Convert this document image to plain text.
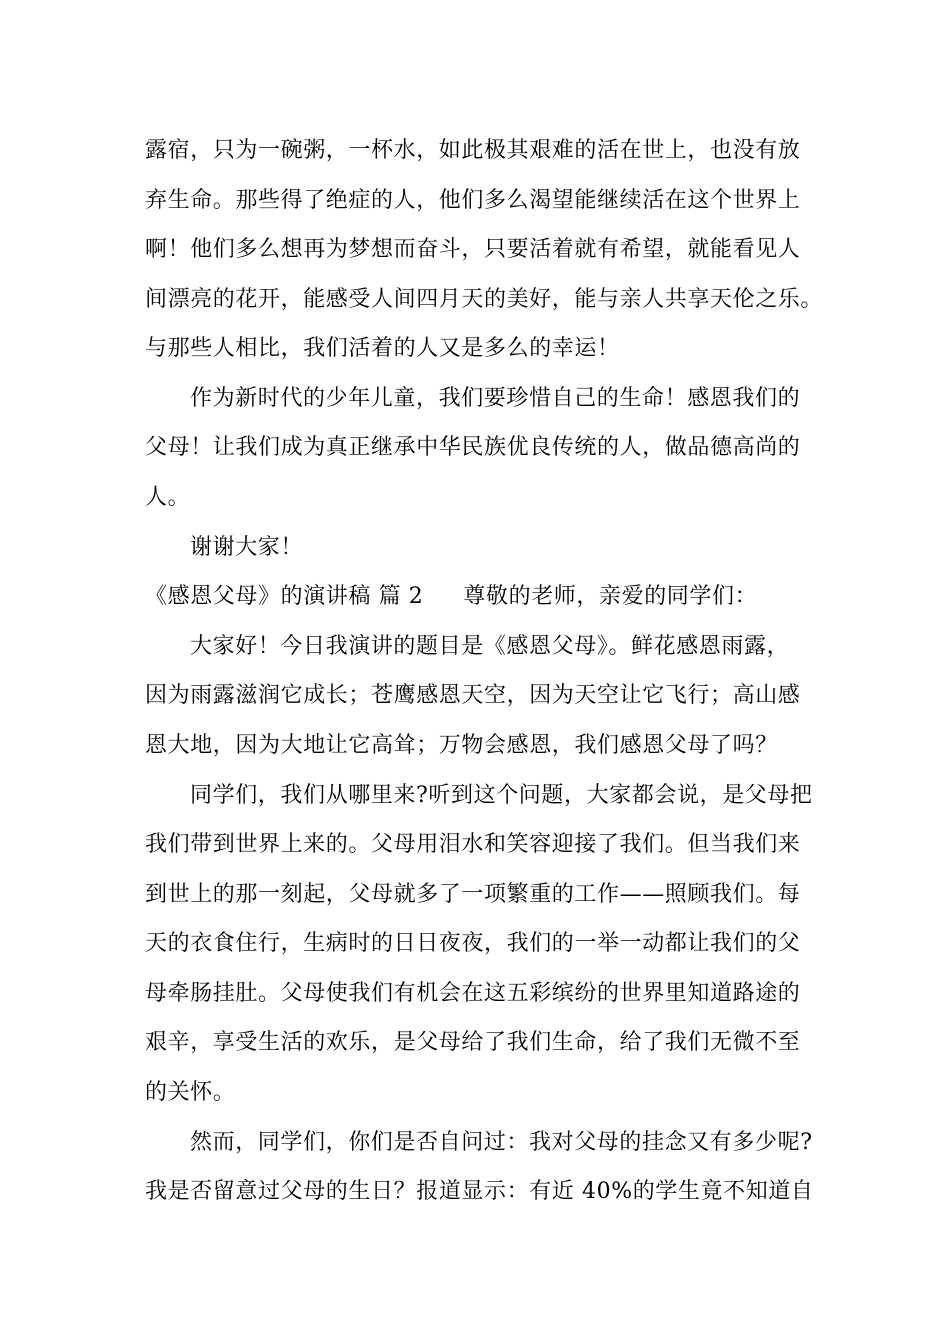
露宿，只为一碗粥，一杯水，如此极其艰难的活在世上，也没有放
弃生命。那些得了绝症的人，他们多么渴望能继续活在这个世界上
啊！他们多么想再为梦想而奋斗，只要活着就有希望，就能看见人
间漂亮的花开，能感受人间四月天的美好，能与亲人共享天伦之乐。
与那些人相比，我们活着的人又是多么的幸运！
作为新时代的少年儿童，我们要珍惜自己的生命！感恩我们的
父母！让我们成为真正继承中华民族优良传统的人，做品德高尚的
人。
谢谢大家！
《感恩父母》的演讲稿 篇 2 尊敬的老师，亲爱的同学们：
大家好！今日我演讲的题目是《感恩父母》。鲜花感恩雨露，
因为雨露滋润它成长；苍鹰感恩天空，因为天空让它飞行；高山感
恩大地，因为大地让它高耸；万物会感恩，我们感恩父母了吗？
同学们，我们从哪里来?听到这个问题，大家都会说，是父母把
我们带到世界上来的。父母用泪水和笑容迎接了我们。但当我们来
到世上的那一刻起，父母就多了一项繁重的工作——照顾我们。每
天的衣食住行，生病时的日日夜夜，我们的一举一动都让我们的父
母牵肠挂肚。父母使我们有机会在这五彩缤纷的世界里知道路途的
艰辛，享受生活的欢乐，是父母给了我们生命，给了我们无微不至
的关怀。
然而，同学们，你们是否自问过：我对父母的挂念又有多少呢?
我是否留意过父母的生日？报道显示：有近 40%的学生竟不知道自
